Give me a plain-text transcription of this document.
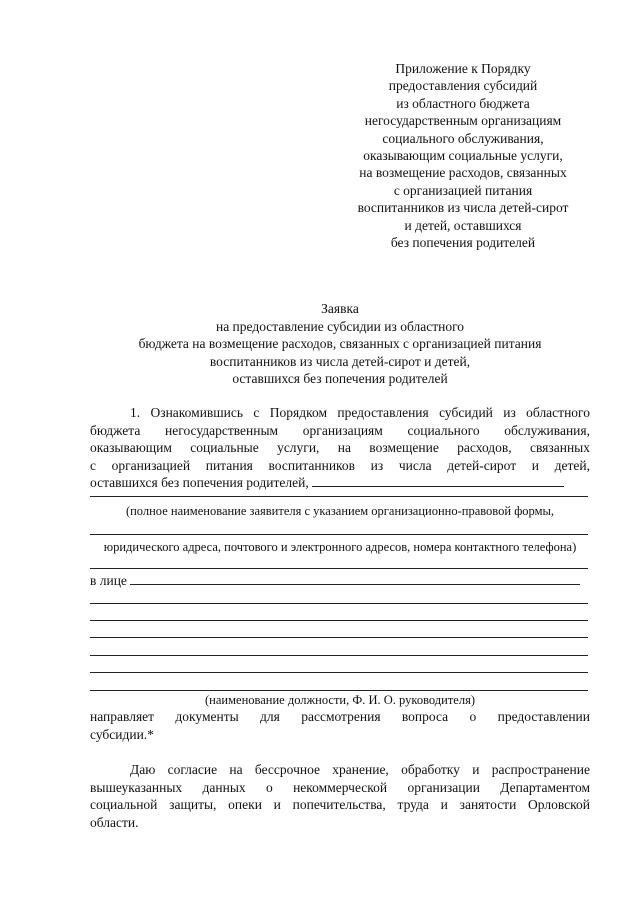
Приложение к Порядку
предоставления субсидий
из областного бюджета
негосударственным организациям
социального обслуживания,
оказывающим социальные услуги,
на возмещение расходов, связанных
с организацией питания
воспитанников из числа детей-сирот
и детей, оставшихся
без попечения родителей
Заявка
на предоставление субсидии из областного
бюджета на возмещение расходов, связанных с организацией питания
воспитанников из числа детей-сирот и детей,
оставшихся без попечения родителей
1. Ознакомившись с Порядком предоставления субсидий из областного
бюджета негосударственным организациям социального обслуживания,
оказывающим социальные услуги, на возмещение расходов, связанных
с организацией питания воспитанников из числа детей-сирот и детей,
оставшихся без попечения родителей,
(полное наименование заявителя с указанием организационно-правовой формы,
юридического адреса, почтового и электронного адресов, номера контактного телефона)
в лице
(наименование должности, Ф. И. О. руководителя)
направляет документы для рассмотрения вопроса о предоставлении
субсидии.*
Даю согласие на бессрочное хранение, обработку и распространение
вышеуказанных данных о некоммерческой организации Департаментом
социальной защиты, опеки и попечительства, труда и занятости Орловской
области.
